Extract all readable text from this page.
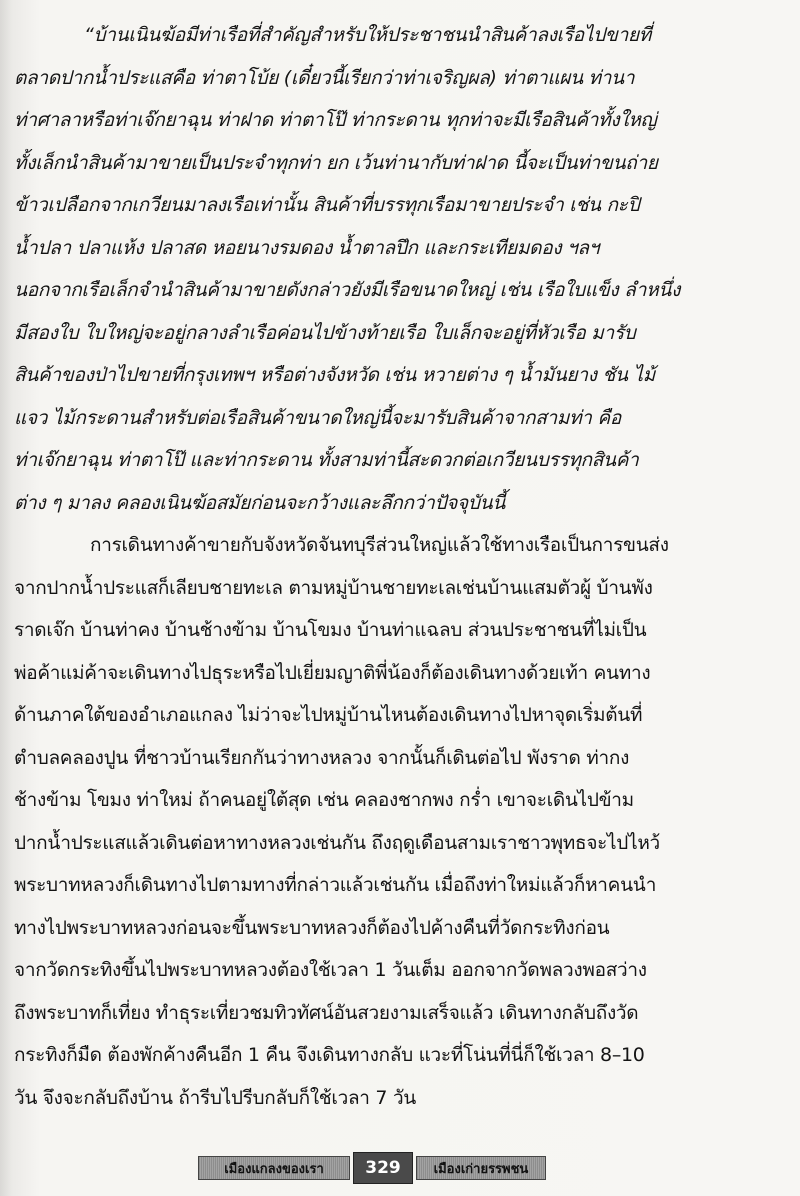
“บ้านเนินฆ้อมีท่าเรือที่สำคัญสำหรับให้ประชาชนนำสินค้าลงเรือไปขายที่
ตลาดปากน้ำประแสคือ ท่าตาโบ้ย (เดี๋ยวนี้เรียกว่าท่าเจริญผล) ท่าตาแผน ท่านา
ท่าศาลาหรือท่าเจ๊กยาฉุน ท่าฝาด ท่าตาโป๊ ท่ากระดาน ทุกท่าจะมีเรือสินค้าทั้งใหญ่
ทั้งเล็กนำสินค้ามาขายเป็นประจำทุกท่า ยก เว้นท่านากับท่าฝาด นี้จะเป็นท่าขนถ่าย
ข้าวเปลือกจากเกวียนมาลงเรือเท่านั้น สินค้าที่บรรทุกเรือมาขายประจำ เช่น กะปิ
น้ำปลา ปลาแห้ง ปลาสด หอยนางรมดอง น้ำตาลปึก และกระเทียมดอง ฯลฯ
นอกจากเรือเล็กจำนำสินค้ามาขายดังกล่าวยังมีเรือขนาดใหญ่ เช่น เรือใบแข็ง ลำหนึ่ง
มีสองใบ ใบใหญ่จะอยู่กลางลำเรือค่อนไปข้างท้ายเรือ ใบเล็กจะอยู่ที่หัวเรือ มารับ
สินค้าของป่าไปขายที่กรุงเทพฯ หรือต่างจังหวัด เช่น หวายต่าง ๆ น้ำมันยาง ชัน ไม้
แจว ไม้กระดานสำหรับต่อเรือสินค้าขนาดใหญ่นี้จะมารับสินค้าจากสามท่า คือ
ท่าเจ๊กยาฉุน ท่าตาโป๊ และท่ากระดาน ทั้งสามท่านี้สะดวกต่อเกวียนบรรทุกสินค้า
ต่าง ๆ มาลง คลองเนินฆ้อสมัยก่อนจะกว้างและลึกกว่าปัจจุบันนี้
การเดินทางค้าขายกับจังหวัดจันทบุรีส่วนใหญ่แล้วใช้ทางเรือเป็นการขนส่ง
จากปากน้ำประแสก็เลียบชายทะเล ตามหมู่บ้านชายทะเลเช่นบ้านแสมตัวผู้ บ้านพัง
ราดเจ๊ก บ้านท่าคง บ้านช้างข้าม บ้านโขมง บ้านท่าแฉลบ ส่วนประชาชนที่ไม่เป็น
พ่อค้าแม่ค้าจะเดินทางไปธุระหรือไปเยี่ยมญาติพี่น้องก็ต้องเดินทางด้วยเท้า คนทาง
ด้านภาคใต้ของอำเภอแกลง ไม่ว่าจะไปหมู่บ้านไหนต้องเดินทางไปหาจุดเริ่มต้นที่
ตำบลคลองปูน ที่ชาวบ้านเรียกกันว่าทางหลวง จากนั้นก็เดินต่อไป พังราด ท่ากง
ช้างข้าม โขมง ท่าใหม่ ถ้าคนอยู่ใต้สุด เช่น คลองชากพง กร่ำ เขาจะเดินไปข้าม
ปากน้ำประแสแล้วเดินต่อหาทางหลวงเช่นกัน ถึงฤดูเดือนสามเราชาวพุทธจะไปไหว้
พระบาทหลวงก็เดินทางไปตามทางที่กล่าวแล้วเช่นกัน เมื่อถึงท่าใหม่แล้วก็หาคนนำ
ทางไปพระบาทหลวงก่อนจะขึ้นพระบาทหลวงก็ต้องไปค้างคืนที่วัดกระทิงก่อน
จากวัดกระทิงขึ้นไปพระบาทหลวงต้องใช้เวลา 1 วันเต็ม ออกจากวัดพลวงพอสว่าง
ถึงพระบาทก็เที่ยง ทำธุระเที่ยวชมทิวทัศน์อันสวยงามเสร็จแล้ว เดินทางกลับถึงวัด
กระทิงก็มืด ต้องพักค้างคืนอีก 1 คืน จึงเดินทางกลับ แวะที่โน่นที่นี่ก็ใช้เวลา 8–10
วัน จึงจะกลับถึงบ้าน ถ้ารีบไปรีบกลับก็ใช้เวลา 7 วัน
เมืองแกลงของเรา	329	เมืองเก่ายรรพชน
